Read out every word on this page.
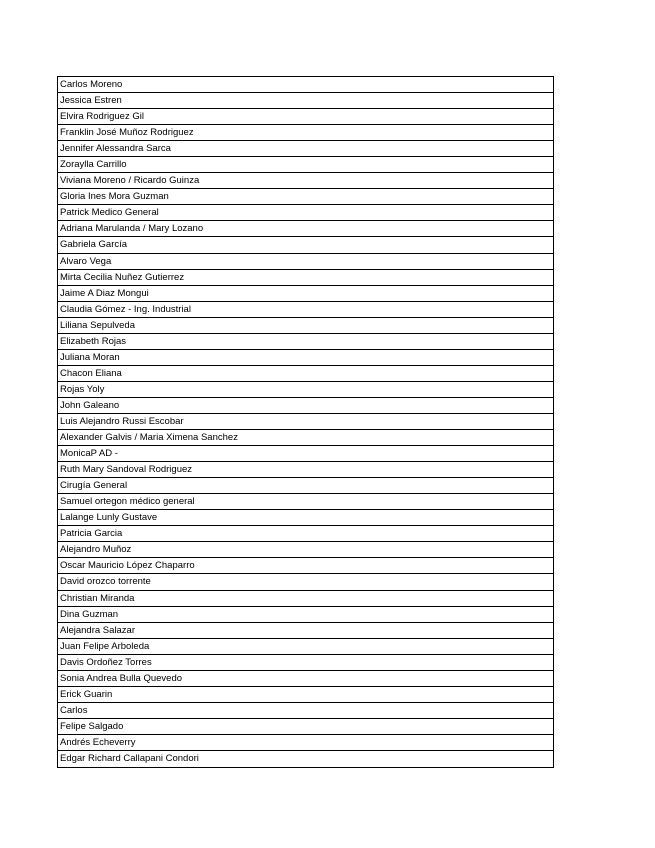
Carlos Moreno
Jessica Estren
Elvira Rodriguez Gil
Franklin José Muñoz Rodriguez
Jennifer Alessandra Sarca
Zoraylla Carrillo
Viviana Moreno / Ricardo Guinza
Gloria Ines Mora Guzman
Patrick Medico General
Adriana Marulanda / Mary Lozano
Gabriela García
Alvaro Vega
Mirta Cecilia Nuñez Gutierrez
Jaime A Diaz Mongui
Claudia Gómez - Ing. Industrial
Liliana Sepulveda
Elizabeth Rojas
Juliana Moran
Chacon Eliana
Rojas Yoly
John Galeano
Luis Alejandro Russi Escobar
Alexander Galvis / Maria Ximena Sanchez
MonicaP AD -
Ruth Mary Sandoval Rodriguez
Cirugía General
Samuel ortegon médico general
Lalange Lunly Gustave
Patricia Garcia
Alejandro Muñoz
Oscar Mauricio López Chaparro
David orozco torrente
Christian Miranda
Dina Guzman
Alejandra Salazar
Juan Felipe Arboleda
Davis Ordoñez Torres
Sonia Andrea Bulla Quevedo
Erick Guarin
Carlos
Felipe Salgado
Andrés Echeverry
Edgar Richard Callapani Condori
